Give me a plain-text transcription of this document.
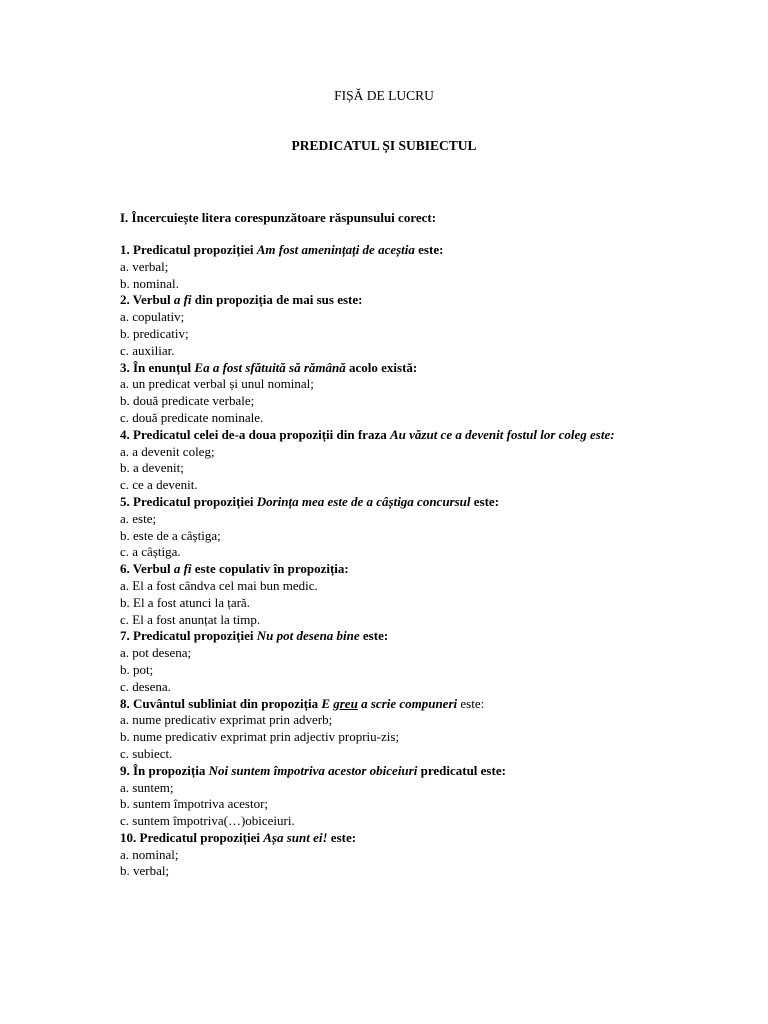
FIȘĂ DE LUCRU
PREDICATUL ȘI SUBIECTUL
I. Încercuiește litera corespunzătoare răspunsului corect:
1. Predicatul propoziției Am fost amenințați de aceștia este:
a. verbal;
b. nominal.
2. Verbul a fi din propoziția de mai sus este:
a. copulativ;
b. predicativ;
c. auxiliar.
3. În enunțul Ea a fost sfătuită să rămână acolo există:
a. un predicat verbal și unul nominal;
b. două predicate verbale;
c. două predicate nominale.
4. Predicatul celei de-a doua propoziții din fraza Au văzut ce a devenit fostul lor coleg este:
a. a devenit coleg;
b. a devenit;
c. ce a devenit.
5. Predicatul propoziției Dorința mea este de a câștiga concursul este:
a. este;
b. este de a câștiga;
c. a câștiga.
6. Verbul a fi este copulativ în propoziția:
a. El a fost cândva cel mai bun medic.
b. El a fost atunci la țară.
c. El a fost anunțat la timp.
7. Predicatul propoziției Nu pot desena bine este:
a. pot desena;
b. pot;
c. desena.
8. Cuvântul subliniat din propoziția E greu a scrie compuneri este:
a. nume predicativ exprimat prin adverb;
b. nume predicativ exprimat prin adjectiv propriu-zis;
c. subiect.
9. În propoziția Noi suntem împotriva acestor obiceiuri predicatul este:
a. suntem;
b. suntem împotriva acestor;
c. suntem împotriva(…)obiceiuri.
10. Predicatul propoziției Așa sunt ei! este:
a. nominal;
b. verbal;
